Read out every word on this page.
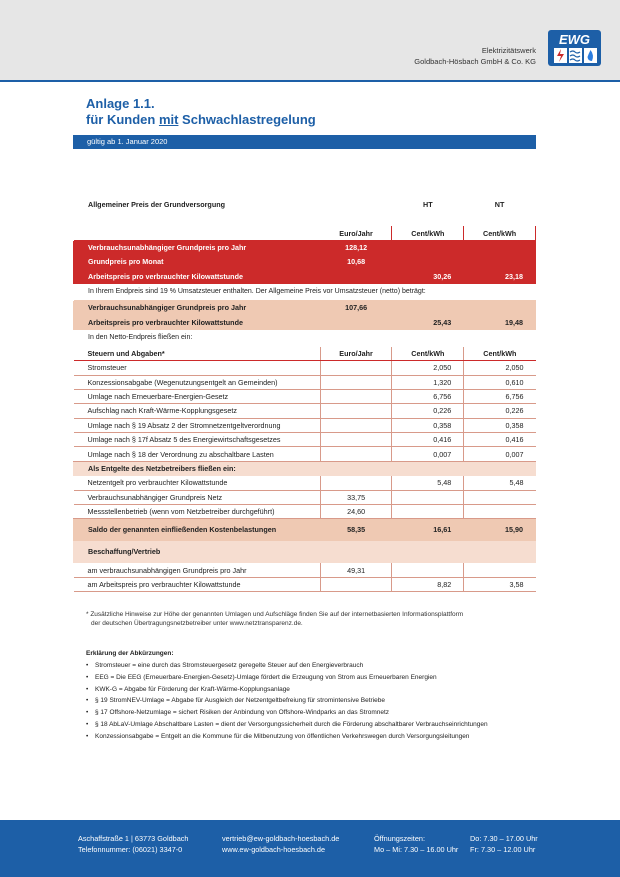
Elektrizitätswerk
Goldbach-Hösbach GmbH & Co. KG
EWG
Anlage 1.1.
für Kunden mit Schwachlastregelung
gültig ab 1. Januar 2020
Allgemeiner Preis der Grundversorgung		HT	NT

	Euro/Jahr	Cent/kWh	Cent/kWh
Verbrauchsunabhängiger Grundpreis pro Jahr	128,12		
Grundpreis pro Monat	10,68		
Arbeitspreis pro verbrauchter Kilowattstunde		30,26	23,18
In Ihrem Endpreis sind 19 % Umsatzsteuer enthalten. Der Allgemeine Preis vor Umsatzsteuer (netto) beträgt:			
Verbrauchsunabhängiger Grundpreis pro Jahr	107,66		
Arbeitspreis pro verbrauchter Kilowattstunde		25,43	19,48
In den Netto-Endpreis fließen ein:			
Steuern und Abgaben*	Euro/Jahr	Cent/kWh	Cent/kWh
Stromsteuer		2,050	2,050
Konzessionsabgabe (Wegenutzungsentgelt an Gemeinden)		1,320	0,610
Umlage nach Erneuerbare-Energien-Gesetz		6,756	6,756
Aufschlag nach Kraft-Wärme-Kopplungsgesetz		0,226	0,226
Umlage nach § 19 Absatz 2 der Stromnetzentgeltverordnung		0,358	0,358
Umlage nach § 17f Absatz 5 des Energiewirtschaftsgesetzes		0,416	0,416
Umlage nach § 18 der Verordnung zu abschaltbare Lasten		0,007	0,007
Als Entgelte des Netzbetreibers fließen ein:			
Netzentgelt pro verbrauchter Kilowattstunde		5,48	5,48
Verbrauchsunabhängiger Grundpreis Netz	33,75		
Messstellenbetrieb (wenn vom Netzbetreiber durchgeführt)	24,60		
Saldo der genannten einfließenden Kostenbelastungen	58,35	16,61	15,90
Beschaffung/Vertrieb			
am verbrauchsunabhängigen Grundpreis pro Jahr	49,31		
am Arbeitspreis pro verbrauchter Kilowattstunde		8,82	3,58
* Zusätzliche Hinweise zur Höhe der genannten Umlagen und Aufschläge finden Sie auf der internetbasierten Informationsplattform
der deutschen Übertragungsnetzbetreiber unter www.netztransparenz.de.
Erklärung der Abkürzungen:
• Stromsteuer = eine durch das Stromsteuergesetz geregelte Steuer auf den Energieverbrauch
• EEG = Die EEG (Erneuerbare-Energien-Gesetz)-Umlage fördert die Erzeugung von Strom aus Erneuerbaren Energien
• KWK-G = Abgabe für Förderung der Kraft-Wärme-Kopplungsanlage
• § 19 StromNEV-Umlage = Abgabe für Ausgleich der Netzentgeltbefreiung für stromintensive Betriebe
• § 17 Offshore-Netzumlage = sichert Risiken der Anbindung von Offshore-Windparks an das Stromnetz
• § 18 AbLaV-Umlage Abschaltbare Lasten = dient der Versorgungssicherheit durch die Förderung abschaltbarer Verbrauchseinrichtungen
• Konzessionsabgabe = Entgelt an die Kommune für die Mitbenutzung von öffentlichen Verkehrswegen durch Versorgungsleitungen
Aschaffstraße 1 | 63773 Goldbach
Telefonnummer: (06021) 3347-0
vertrieb@ew-goldbach-hoesbach.de
www.ew-goldbach-hoesbach.de
Öffnungszeiten:
Mo – Mi: 7.30 – 16.00 Uhr
Do: 7.30 – 17.00 Uhr
Fr: 7.30 – 12.00 Uhr
